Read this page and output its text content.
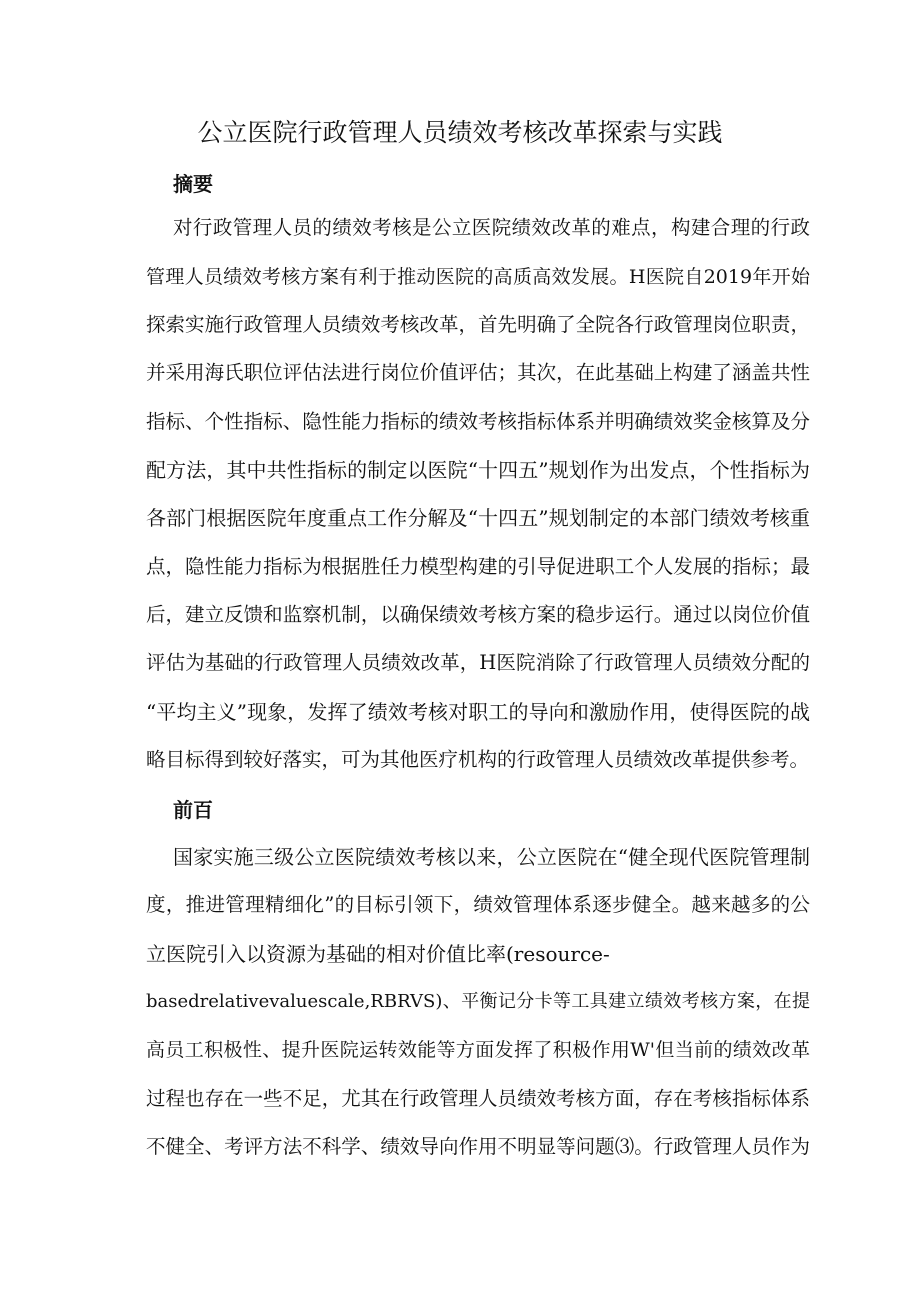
公立医院行政管理人员绩效考核改革探索与实践
摘要

对行政管理人员的绩效考核是公立医院绩效改革的难点，构建合理的行政

管理人员绩效考核方案有利于推动医院的高质高效发展。H医院自2019年开始

探索实施行政管理人员绩效考核改革，首先明确了全院各行政管理岗位职责，

并采用海氏职位评估法进行岗位价值评估；其次，在此基础上构建了涵盖共性

指标、个性指标、隐性能力指标的绩效考核指标体系并明确绩效奖金核算及分

配方法，其中共性指标的制定以医院“十四五”规划作为出发点，个性指标为

各部门根据医院年度重点工作分解及“十四五”规划制定的本部门绩效考核重

点，隐性能力指标为根据胜任力模型构建的引导促进职工个人发展的指标；最

后，建立反馈和监察机制，以确保绩效考核方案的稳步运行。通过以岗位价值

评估为基础的行政管理人员绩效改革，H医院消除了行政管理人员绩效分配的

“平均主义”现象，发挥了绩效考核对职工的导向和激励作用，使得医院的战

略目标得到较好落实，可为其他医疗机构的行政管理人员绩效改革提供参考。

前百

国家实施三级公立医院绩效考核以来，公立医院在“健全现代医院管理制

度，推进管理精细化”的目标引领下，绩效管理体系逐步健全。越来越多的公

立医院引入以资源为基础的相对价值比率(resource-

basedrelativevaluescale,RBRVS)、平衡记分卡等工具建立绩效考核方案，在提

高员工积极性、提升医院运转效能等方面发挥了积极作用W'但当前的绩效改革

过程也存在一些不足，尤其在行政管理人员绩效考核方面，存在考核指标体系

不健全、考评方法不科学、绩效导向作用不明显等问题⑶。行政管理人员作为
